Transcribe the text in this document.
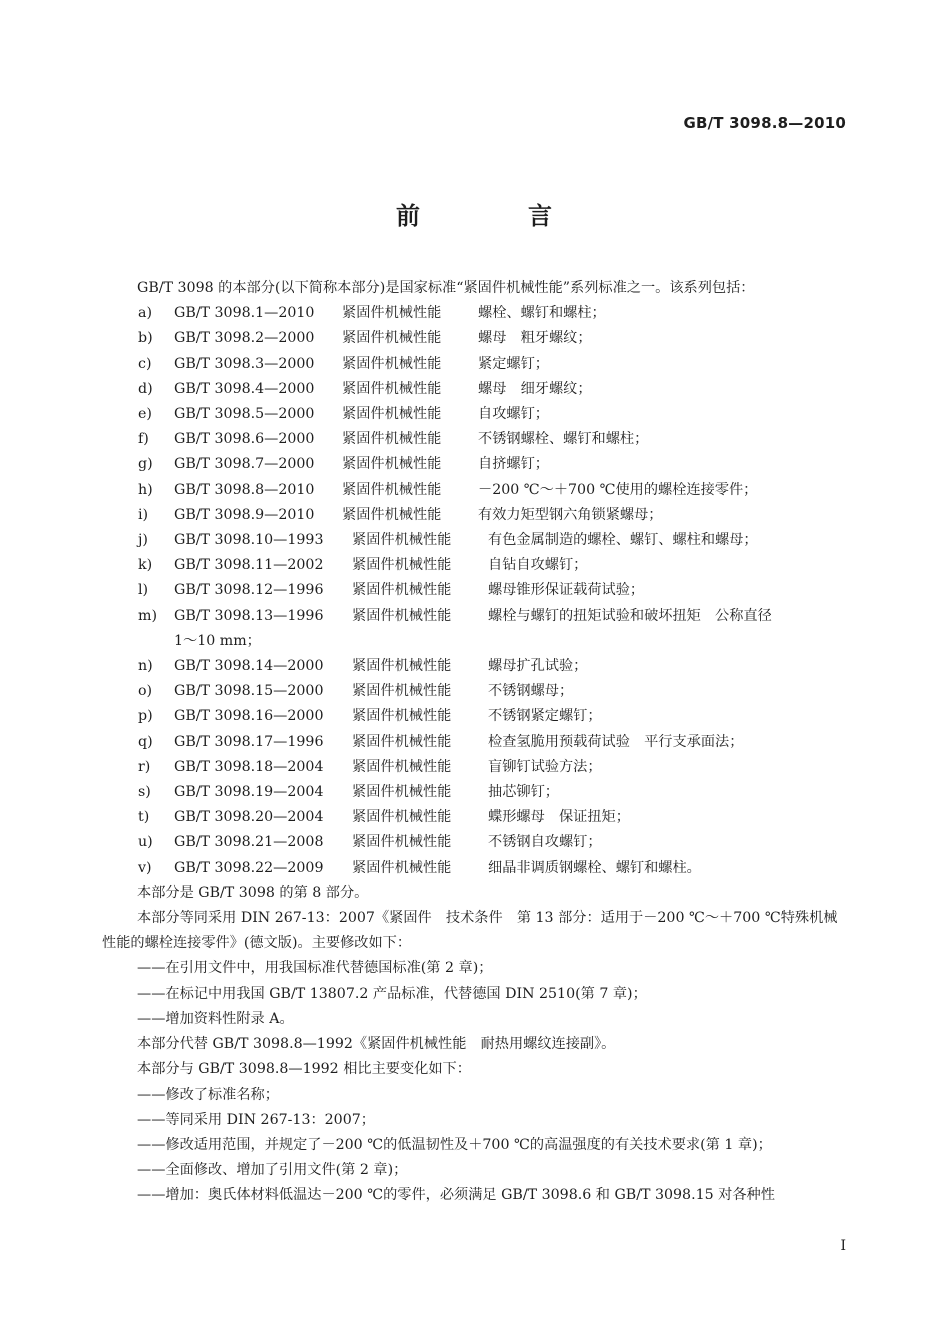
GB/T 3098.8—2010
前　言

GB/T 3098 的本部分(以下简称本部分)是国家标准“紧固件机械性能”系列标准之一。该系列包括：

a)	GB/T 3098.1—2010	紧固件机械性能	螺栓、螺钉和螺柱；
b)	GB/T 3098.2—2000	紧固件机械性能	螺母　粗牙螺纹；
c)	GB/T 3098.3—2000	紧固件机械性能	紧定螺钉；
d)	GB/T 3098.4—2000	紧固件机械性能	螺母　细牙螺纹；
e)	GB/T 3098.5—2000	紧固件机械性能	自攻螺钉；
f)	GB/T 3098.6—2000	紧固件机械性能	不锈钢螺栓、螺钉和螺柱；
g)	GB/T 3098.7—2000	紧固件机械性能	自挤螺钉；
h)	GB/T 3098.8—2010	紧固件机械性能	－200 ℃～＋700 ℃使用的螺栓连接零件；
i)	GB/T 3098.9—2010	紧固件机械性能	有效力矩型钢六角锁紧螺母；
j)	GB/T 3098.10—1993	紧固件机械性能	有色金属制造的螺栓、螺钉、螺柱和螺母；
k)	GB/T 3098.11—2002	紧固件机械性能	自钻自攻螺钉；
l)	GB/T 3098.12—1996	紧固件机械性能	螺母锥形保证载荷试验；
m)	GB/T 3098.13—1996	紧固件机械性能	螺栓与螺钉的扭矩试验和破坏扭矩　公称直径
1～10 mm；
n)	GB/T 3098.14—2000	紧固件机械性能	螺母扩孔试验；
o)	GB/T 3098.15—2000	紧固件机械性能	不锈钢螺母；
p)	GB/T 3098.16—2000	紧固件机械性能	不锈钢紧定螺钉；
q)	GB/T 3098.17—1996	紧固件机械性能	检查氢脆用预载荷试验　平行支承面法；
r)	GB/T 3098.18—2004	紧固件机械性能	盲铆钉试验方法；
s)	GB/T 3098.19—2004	紧固件机械性能	抽芯铆钉；
t)	GB/T 3098.20—2004	紧固件机械性能	蝶形螺母　保证扭矩；
u)	GB/T 3098.21—2008	紧固件机械性能	不锈钢自攻螺钉；
v)	GB/T 3098.22—2009	紧固件机械性能	细晶非调质钢螺栓、螺钉和螺柱。

本部分是 GB/T 3098 的第 8 部分。

本部分等同采用 DIN 267-13：2007《紧固件　技术条件　第 13 部分：适用于－200 ℃～＋700 ℃特殊机械性能的螺栓连接零件》(德文版)。主要修改如下：

——在引用文件中，用我国标准代替德国标准(第 2 章)；

——在标记中用我国 GB/T 13807.2 产品标准，代替德国 DIN 2510(第 7 章)；

——增加资料性附录 A。

本部分代替 GB/T 3098.8—1992《紧固件机械性能　耐热用螺纹连接副》。

本部分与 GB/T 3098.8—1992 相比主要变化如下：

——修改了标准名称；

——等同采用 DIN 267-13：2007；

——修改适用范围，并规定了－200 ℃的低温韧性及＋700 ℃的高温强度的有关技术要求(第 1 章)；

——全面修改、增加了引用文件(第 2 章)；

——增加：奥氏体材料低温达－200 ℃的零件，必须满足 GB/T 3098.6 和 GB/T 3098.15 对各种性

I
